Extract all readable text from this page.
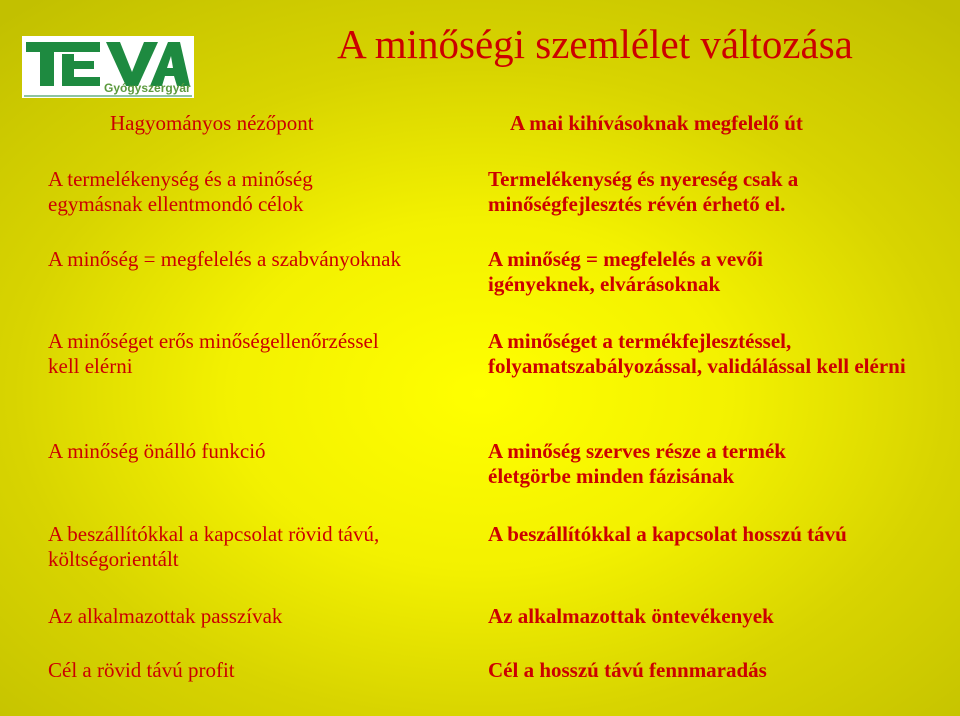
Gyógyszergyár
A minőségi szemlélet változása
Hagyományos nézőpont	A mai kihívásoknak megfelelő út
A termelékenység és a minőség egymásnak ellentmondó célok
A minőség = megfelelés a szabványoknak
A minőséget erős minőségellenőrzéssel kell elérni
A minőség önálló funkció
A beszállítókkal a kapcsolat rövid távú, költségorientált
Az alkalmazottak passzívak
Cél a rövid távú profit
Termelékenység és nyereség csak a minőségfejlesztés révén érhető el.
A minőség = megfelelés a vevői igényeknek, elvárásoknak
A minőséget a termékfejlesztéssel, folyamatszabályozással, validálással kell elérni
A minőség szerves része a termék életgörbe minden fázisának
A beszállítókkal a kapcsolat hosszú távú
Az alkalmazottak öntevékenyek
Cél a hosszú távú fennmaradás
